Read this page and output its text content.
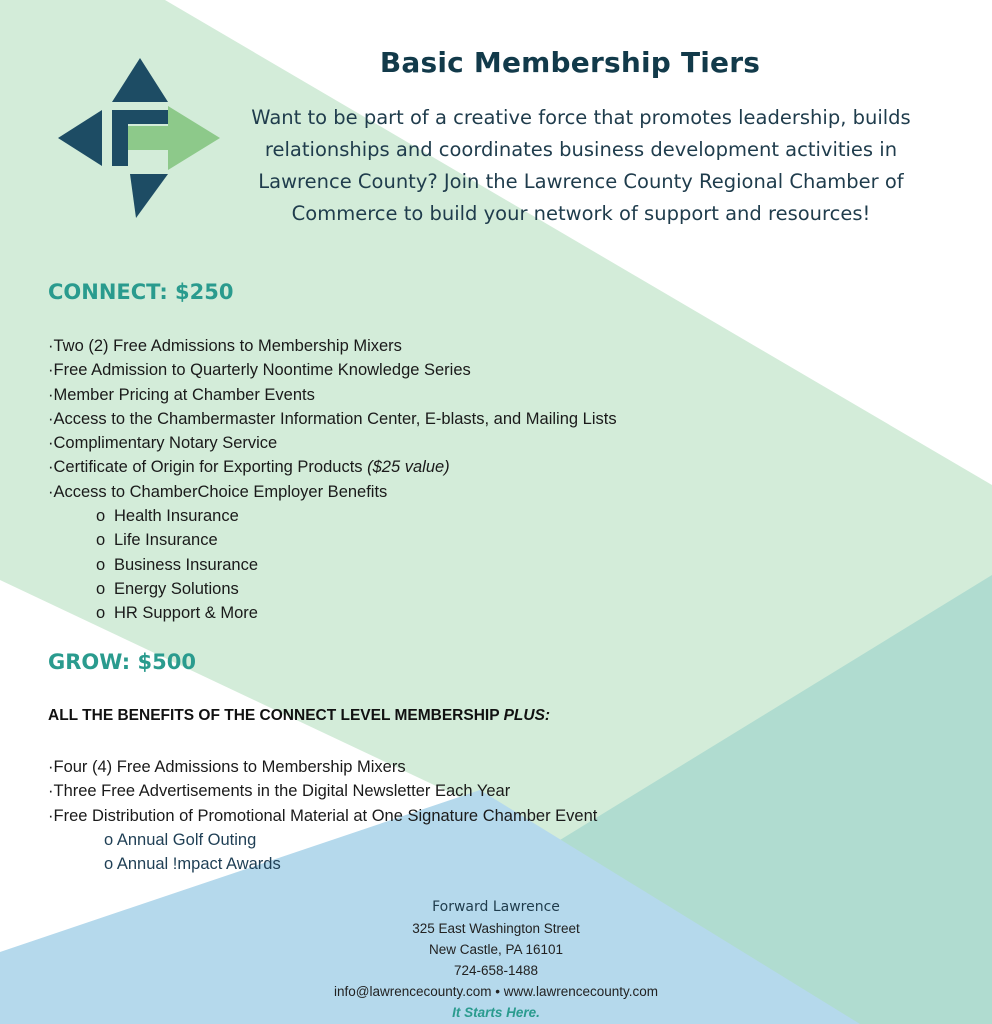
Basic Membership Tiers
Want to be part of a creative force that promotes leadership, builds relationships and coordinates business development activities in Lawrence County? Join the Lawrence County Regional Chamber of Commerce to build your network of support and resources!
CONNECT: $250
·Two (2) Free Admissions to Membership Mixers
·Free Admission to Quarterly Noontime Knowledge Series
·Member Pricing at Chamber Events
·Access to the Chambermaster Information Center, E-blasts, and Mailing Lists
·Complimentary Notary Service
·Certificate of Origin for Exporting Products ($25 value)
·Access to ChamberChoice Employer Benefits
o Health Insurance
o Life Insurance
o Business Insurance
o Energy Solutions
o HR Support & More
GROW: $500
ALL THE BENEFITS OF THE CONNECT LEVEL MEMBERSHIP PLUS:
·Four (4) Free Admissions to Membership Mixers
·Three Free Advertisements in the Digital Newsletter Each Year
·Free Distribution of Promotional Material at One Signature Chamber Event
o Annual Golf Outing
o Annual !mpact Awards
Forward Lawrence
325 East Washington Street
New Castle, PA 16101
724-658-1488
info@lawrencecounty.com • www.lawrencecounty.com
It Starts Here.
